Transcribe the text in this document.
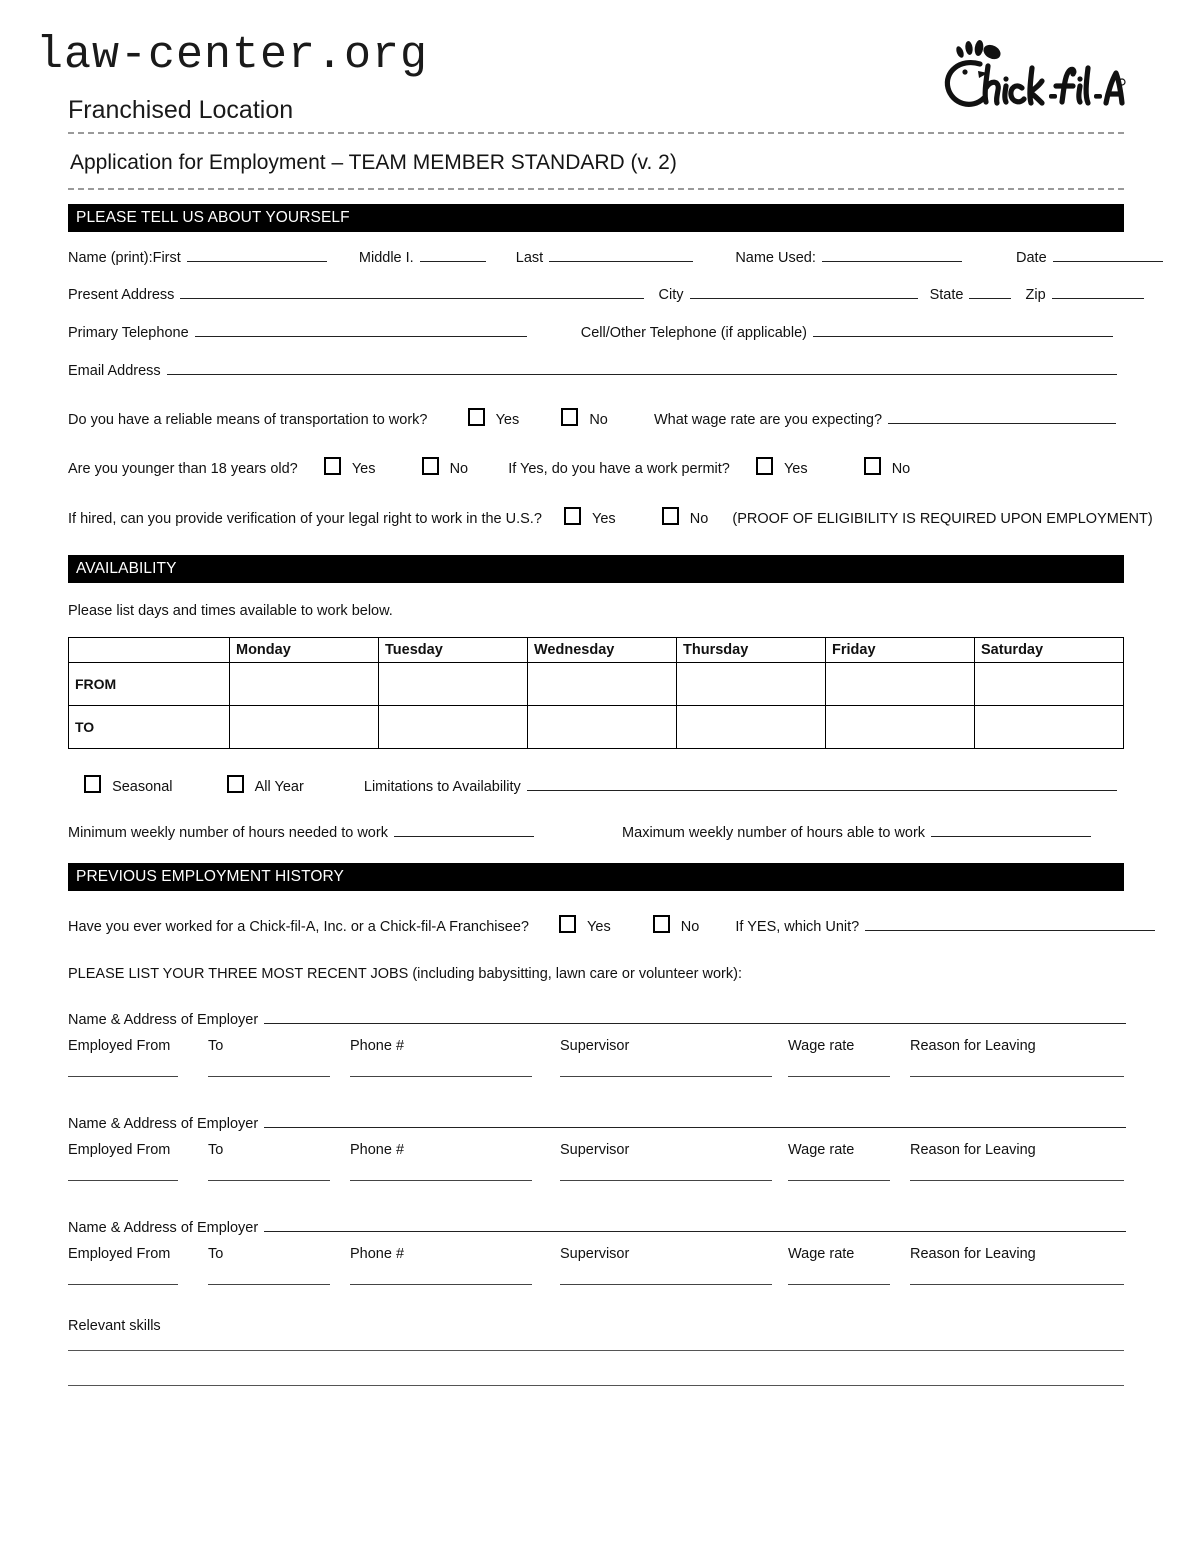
law-center.org
Franchised Location
Application for Employment – TEAM MEMBER STANDARD (v. 2)
PLEASE TELL US ABOUT YOURSELF
Name (print):First	Middle I.	Last	Name Used:	Date
Present Address	City	State	Zip
Primary Telephone	Cell/Other Telephone (if applicable)
Email Address
Do you have a reliable means of transportation to work?	Yes	No	What wage rate are you expecting?
Are you younger than 18 years old?	Yes	No	If Yes, do you have a work permit?	Yes	No
If hired, can you provide verification of your legal right to work in the U.S.?	Yes	No (PROOF OF ELIGIBILITY IS REQUIRED UPON EMPLOYMENT)
AVAILABILITY
Please list days and times available to work below.
	Monday	Tuesday	Wednesday	Thursday	Friday	Saturday
FROM						
TO						
Seasonal	All Year	Limitations to Availability
Minimum weekly number of hours needed to work	Maximum weekly number of hours able to work
PREVIOUS EMPLOYMENT HISTORY
Have you ever worked for a Chick-fil-A, Inc. or a Chick-fil-A Franchisee?	Yes	No If YES, which Unit?
PLEASE LIST YOUR THREE MOST RECENT JOBS (including babysitting, lawn care or volunteer work):
Name & Address of Employer
Employed From	To	Phone #	Supervisor	Wage rate	Reason for Leaving
Name & Address of Employer
Employed From	To	Phone #	Supervisor	Wage rate	Reason for Leaving
Name & Address of Employer
Employed From	To	Phone #	Supervisor	Wage rate	Reason for Leaving
Relevant skills
